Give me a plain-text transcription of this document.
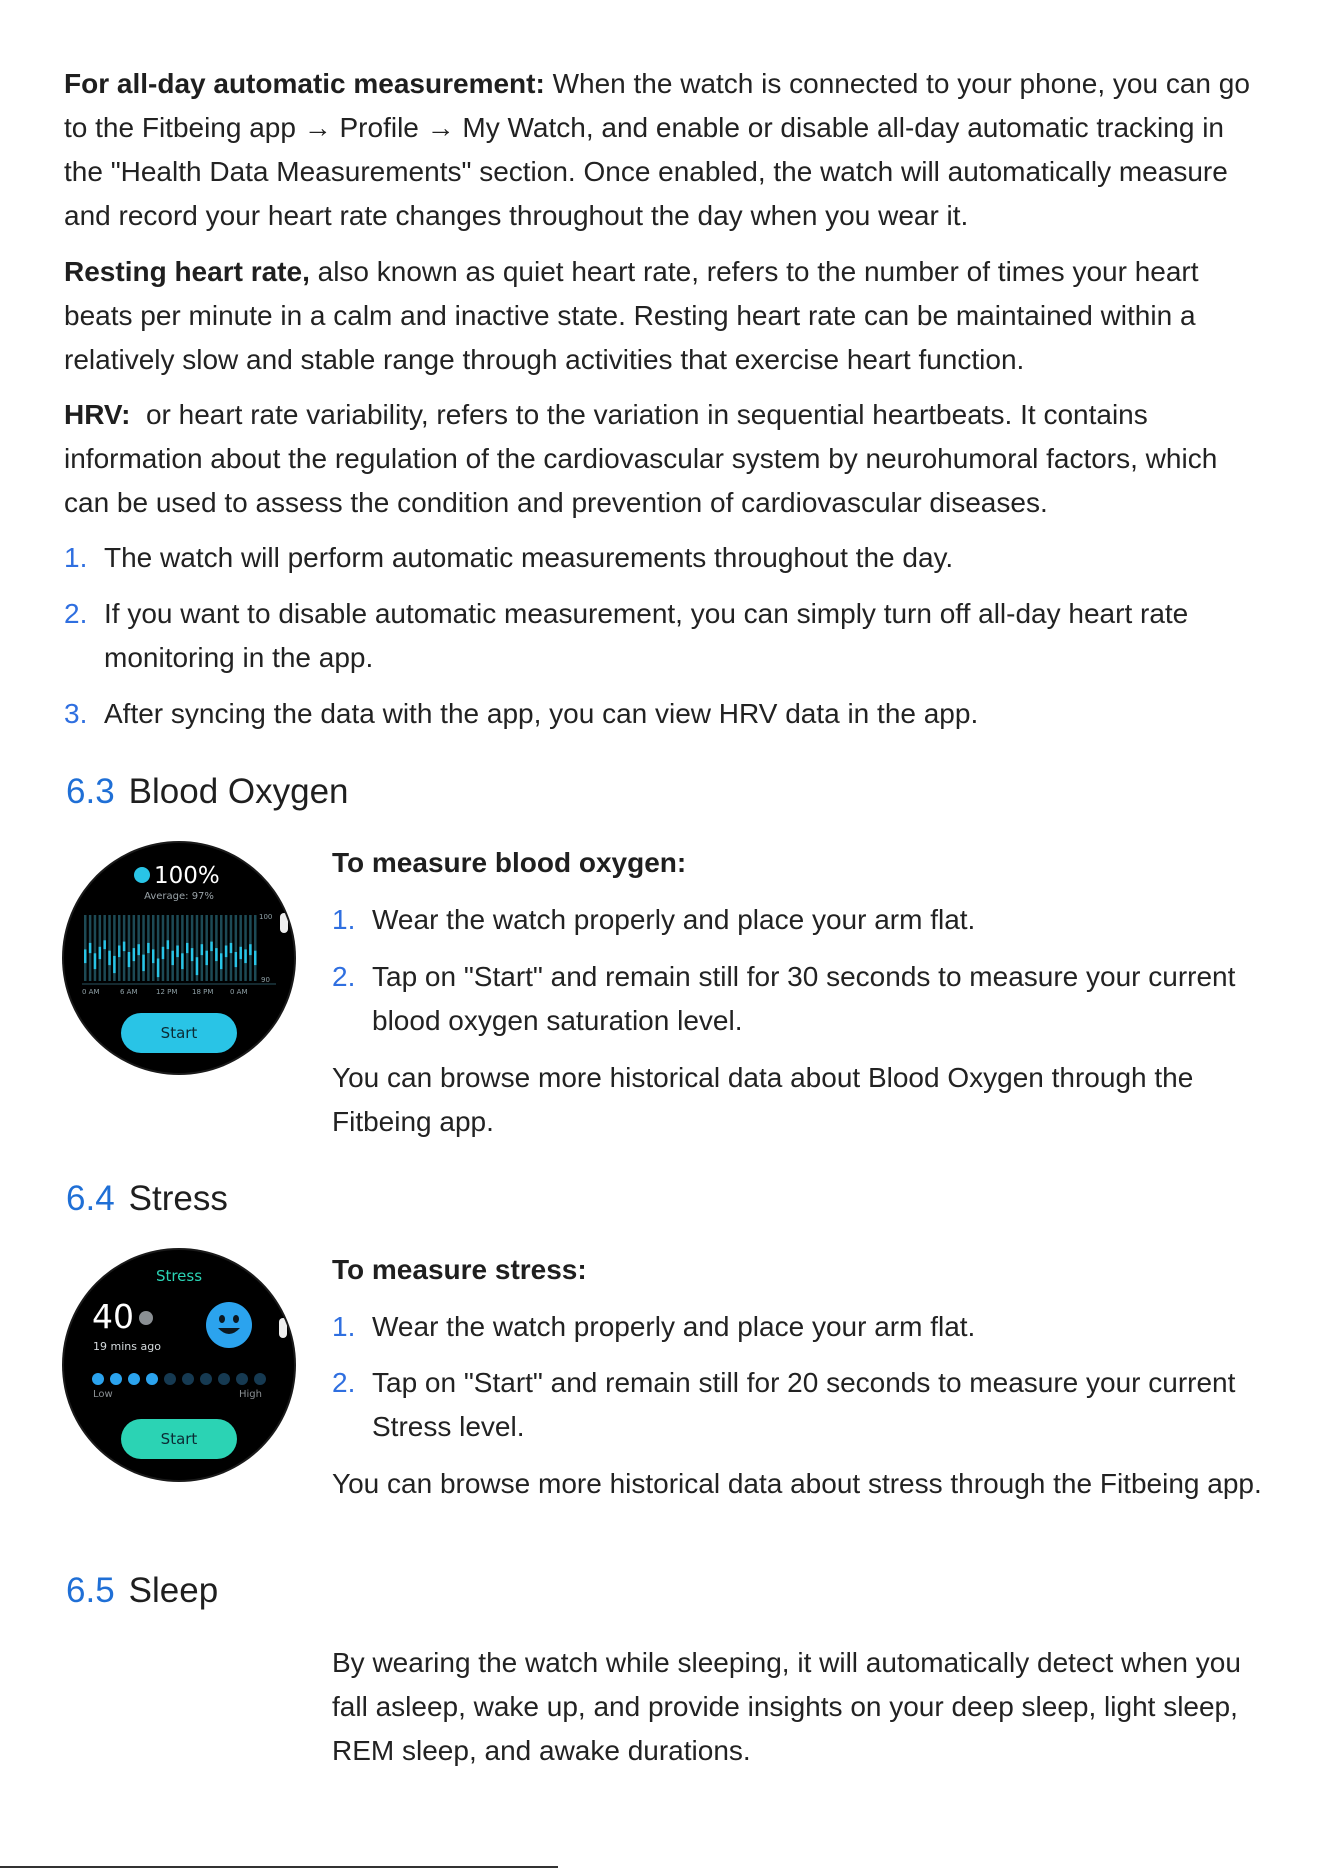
For all-day automatic measurement: When the watch is connected to your phone, you can go

to the Fitbeing app → Profile → My Watch, and enable or disable all-day automatic tracking in

the "Health Data Measurements" section. Once enabled, the watch will automatically measure

and record your heart rate changes throughout the day when you wear it.

Resting heart rate, also known as quiet heart rate, refers to the number of times your heart

beats per minute in a calm and inactive state. Resting heart rate can be maintained within a

relatively slow and stable range through activities that exercise heart function.

HRV:  or heart rate variability, refers to the variation in sequential heartbeats. It contains

information about the regulation of the cardiovascular system by neurohumoral factors, which

can be used to assess the condition and prevention of cardiovascular diseases.

1. The watch will perform automatic measurements throughout the day.
2. If you want to disable automatic measurement, you can simply turn off all-day heart rate
monitoring in the app.
3. After syncing the data with the app, you can view HRV data in the app.
6.3 Blood Oxygen
100%
Average: 97%
100
90
0 AM	6 AM	12 PM 18 PM 0 AM
Start
To measure blood oxygen:
1. Wear the watch properly and place your arm flat.
2. Tap on "Start" and remain still for 30 seconds to measure your current
blood oxygen saturation level.

You can browse more historical data about Blood Oxygen through the

Fitbeing app.

6.4 Stress
Stress
40
19 mins ago
Low	High
Start
To measure stress:
1. Wear the watch properly and place your arm flat.
2. Tap on "Start" and remain still for 20 seconds to measure your current
Stress level.

You can browse more historical data about stress through the Fitbeing app.

6.5 Sleep

By wearing the watch while sleeping, it will automatically detect when you

fall asleep, wake up, and provide insights on your deep sleep, light sleep,

REM sleep, and awake durations.
